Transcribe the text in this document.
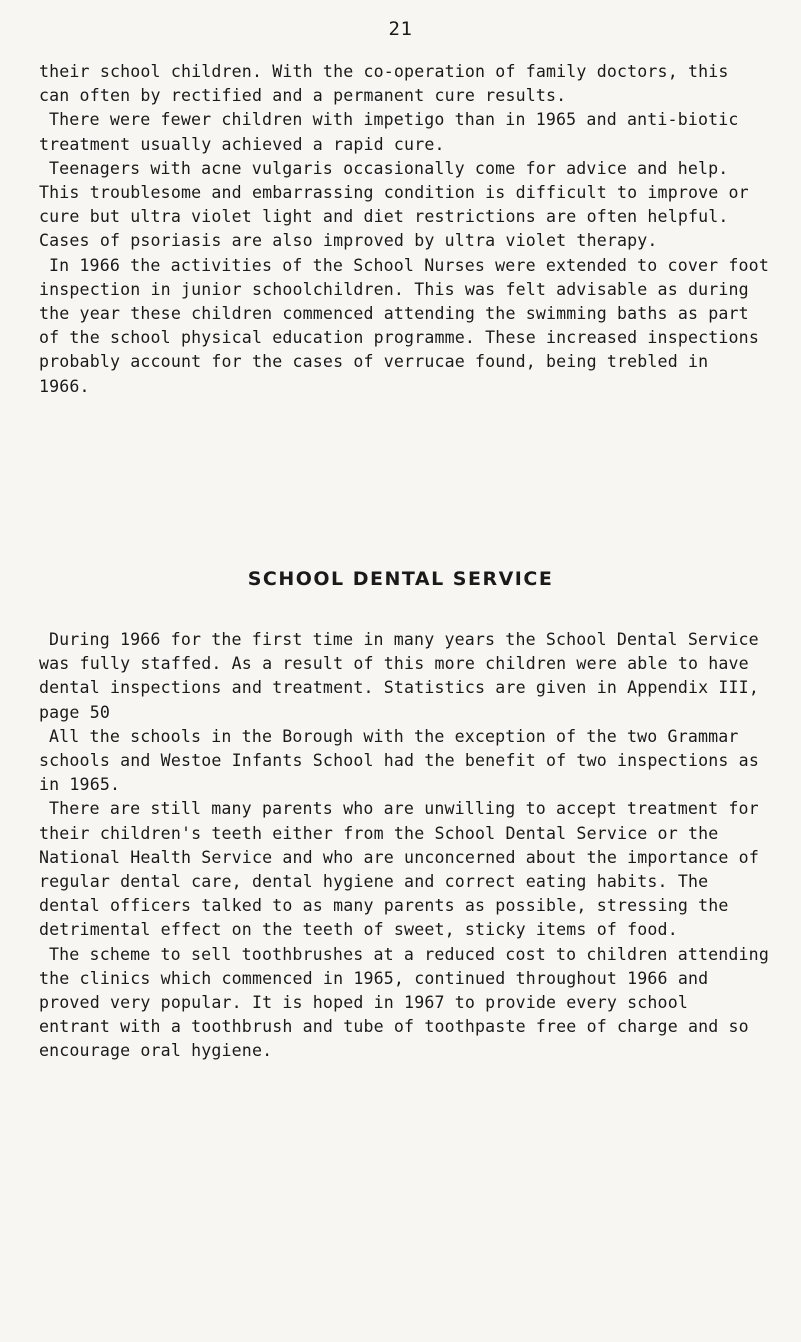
21

their school children. With the co-operation of family doctors, this can often by rectified and a permanent cure results.

There were fewer children with impetigo than in 1965 and anti-biotic treatment usually achieved a rapid cure.

Teenagers with acne vulgaris occasionally come for advice and help. This troublesome and embarrassing condition is difficult to improve or cure but ultra violet light and diet restrictions are often helpful. Cases of psoriasis are also improved by ultra violet therapy.

In 1966 the activities of the School Nurses were extended to cover foot inspection in junior schoolchildren. This was felt advisable as during the year these children commenced attending the swimming baths as part of the school physical education programme. These increased inspections probably account for the cases of verrucae found, being trebled in 1966.

SCHOOL DENTAL SERVICE

During 1966 for the first time in many years the School Dental Service was fully staffed. As a result of this more children were able to have dental inspections and treatment. Statistics are given in Appendix III, page 50

All the schools in the Borough with the exception of the two Grammar schools and Westoe Infants School had the benefit of two inspections as in 1965.

There are still many parents who are unwilling to accept treatment for their children's teeth either from the School Dental Service or the National Health Service and who are unconcerned about the importance of regular dental care, dental hygiene and correct eating habits. The dental officers talked to as many parents as possible, stressing the detrimental effect on the teeth of sweet, sticky items of food.

The scheme to sell toothbrushes at a reduced cost to children attending the clinics which commenced in 1965, continued throughout 1966 and proved very popular. It is hoped in 1967 to provide every school entrant with a toothbrush and tube of toothpaste free of charge and so encourage oral hygiene.
